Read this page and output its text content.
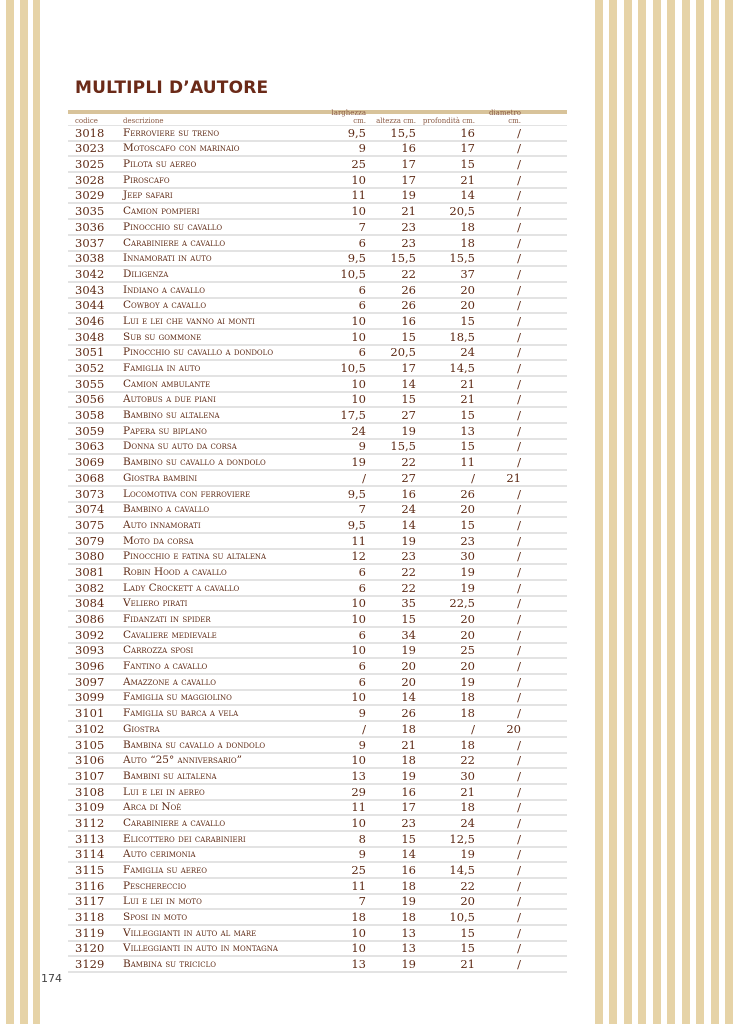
MULTIPLI D’AUTORE
codice	descrizione
larghezza cm.	altezza cm. profondità cm.
diametro cm.
3018	Ferroviere su treno	9,5	15,5	16	/
3023	Motoscafo con marinaio	9	16	17	/
3025	Pilota su aereo	25	17	15	/
3028	Piroscafo	10	17	21	/
3029	Jeep safari	11	19	14	/
3035	Camion pompieri	10	21	20,5	/
3036	Pinocchio su cavallo	7	23	18	/
3037	Carabiniere a cavallo	6	23	18	/
3038	Innamorati in auto	9,5	15,5	15,5	/
3042	Diligenza	10,5	22	37	/
3043	Indiano a cavallo	6	26	20	/
3044	Cowboy a cavallo	6	26	20	/
3046	Lui e lei che vanno ai monti	10	16	15	/
3048	Sub su gommone	10	15	18,5	/
3051	Pinocchio su cavallo a dondolo	6	20,5	24	/
3052	Famiglia in auto	10,5	17	14,5	/
3055	Camion ambulante	10	14	21	/
3056	Autobus a due piani	10	15	21	/
3058	Bambino su altalena	17,5	27	15	/
3059	Papera su biplano	24	19	13	/
3063	Donna su auto da corsa	9	15,5	15	/
3069	Bambino su cavallo a dondolo	19	22	11	/
3068	Giostra bambini	/	27	/	21
3073	Locomotiva con ferroviere	9,5	16	26	/
3074	Bambino a cavallo	7	24	20	/
3075	Auto innamorati	9,5	14	15	/
3079	Moto da corsa	11	19	23	/
3080	Pinocchio e fatina su altalena	12	23	30	/
3081	Robin Hood a cavallo	6	22	19	/
3082	Lady Crockett a cavallo	6	22	19	/
3084	Veliero pirati	10	35	22,5	/
3086	Fidanzati in spider	10	15	20	/
3092	Cavaliere medievale	6	34	20	/
3093	Carrozza sposi	10	19	25	/
3096	Fantino a cavallo	6	20	20	/
3097	Amazzone a cavallo	6	20	19	/
3099	Famiglia su maggiolino	10	14	18	/
3101	Famiglia su barca a vela	9	26	18	/
3102	Giostra	/	18	/	20
3105	Bambina su cavallo a dondolo	9	21	18	/
3106	Auto “25° anniversario”	10	18	22	/
3107	Bambini su altalena	13	19	30	/
3108	Lui e lei in aereo	29	16	21	/
3109	Arca di Noè	11	17	18	/
3112	Carabiniere a cavallo	10	23	24	/
3113	Elicottero dei carabinieri	8	15	12,5	/
3114	Auto cerimonia	9	14	19	/
3115	Famiglia su aereo	25	16	14,5	/
3116	Peschereccio	11	18	22	/
3117	Lui e lei in moto	7	19	20	/
3118	Sposi in moto	18	18	10,5	/
3119	Villeggianti in auto al mare	10	13	15	/
3120	Villeggianti in auto in montagna	10	13	15	/
3129	Bambina su triciclo	13	19	21	/
174
